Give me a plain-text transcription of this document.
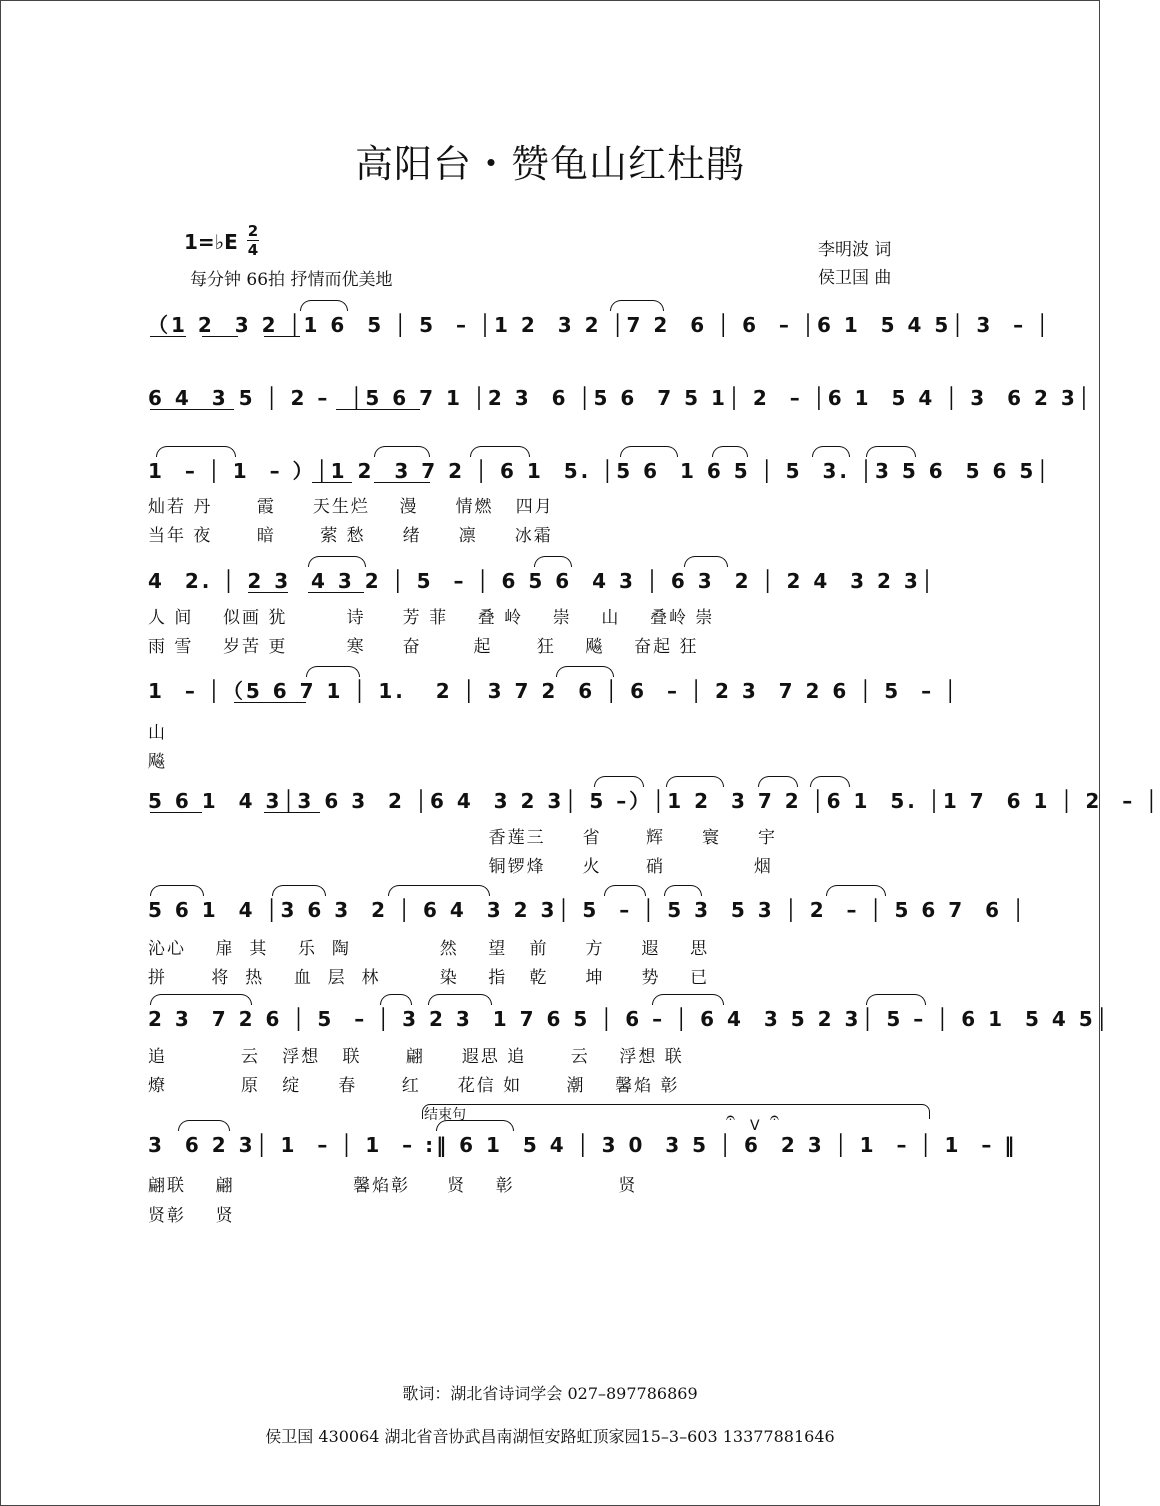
高阳台・赞龟山红杜鹃
1=♭E 2
4
每分钟 66拍 抒情而优美地
李明波 词
侯卫国 曲
（1 2  3 2 │1 6  5 │ 5  – │1 2  3 2 │7 2  6 │ 6  – │6 1  5 4 5│ 3  – │
6 4  3 5 │ 2 –  │5 6 7 1 │2 3  6 │5 6  7 5 1│ 2  – │6 1  5 4 │ 3  6 2 3│
1  – │ 1  – ）│1 2  3 7 2 │ 6 1  5. │5 6  1 6 5 │ 5  3. │3 5 6  5 6 5│
灿若 丹      霞     天生烂    漫     情燃   四月
当年 夜      暗      萦 愁     绪     凛     冰霜
4  2. │ 2 3  4 3 2 │ 5  – │ 6 5 6  4 3 │ 6 3  2 │ 2 4  3 2 3│
人 间    似画 犹        诗     芳 菲    叠 岭    崇    山    叠岭 崇
雨 雪    岁苦 更        寒     奋       起      狂    飚    奋起 狂
1  – │（5 6 7 1 │ 1.   2 │ 3 7 2  6 │ 6  – │ 2 3  7 2 6 │ 5  – │
山
飚
5 6 1  4 3│3 6 3  2 │6 4  3 2 3│ 5 –）│1 2  3 7 2 │6 1  5. │1 7  6 1 │ 2  – │
香莲三     省      辉     寰     宇
铜锣烽     火      硝            烟
5 6 1  4 │3 6 3  2 │ 6 4  3 2 3│ 5  – │ 5 3  5 3 │ 2  – │ 5 6 7  6 │
沁心    扉  其    乐  陶            然    望   前     方     遐    思
拼      将  热    血  层  林        染    指   乾     坤     势    已
2 3  7 2 6 │ 5  – │ 3 2 3  1 7 6 5 │ 6 – │ 6 4  3 5 2 3│ 5 – │ 6 1  5 4 5│
追          云   浮想   联      翩     遐思 追      云    浮想 联
燎          原   绽     春      红     花信 如      潮    馨焰 彰
结束句	𝄐 V 𝄐
3  6 2 3│ 1  – │ 1  – :‖ 6 1  5 4 │ 3 0  3 5 │ 6  2 3 │ 1  – │ 1  – ‖
翩联    翩                馨焰彰     贤    彰              贤
贤彰    贤
歌词：湖北省诗词学会 027–897786869
侯卫国 430064 湖北省音协武昌南湖恒安路虹顶家园15–3–603 13377881646
